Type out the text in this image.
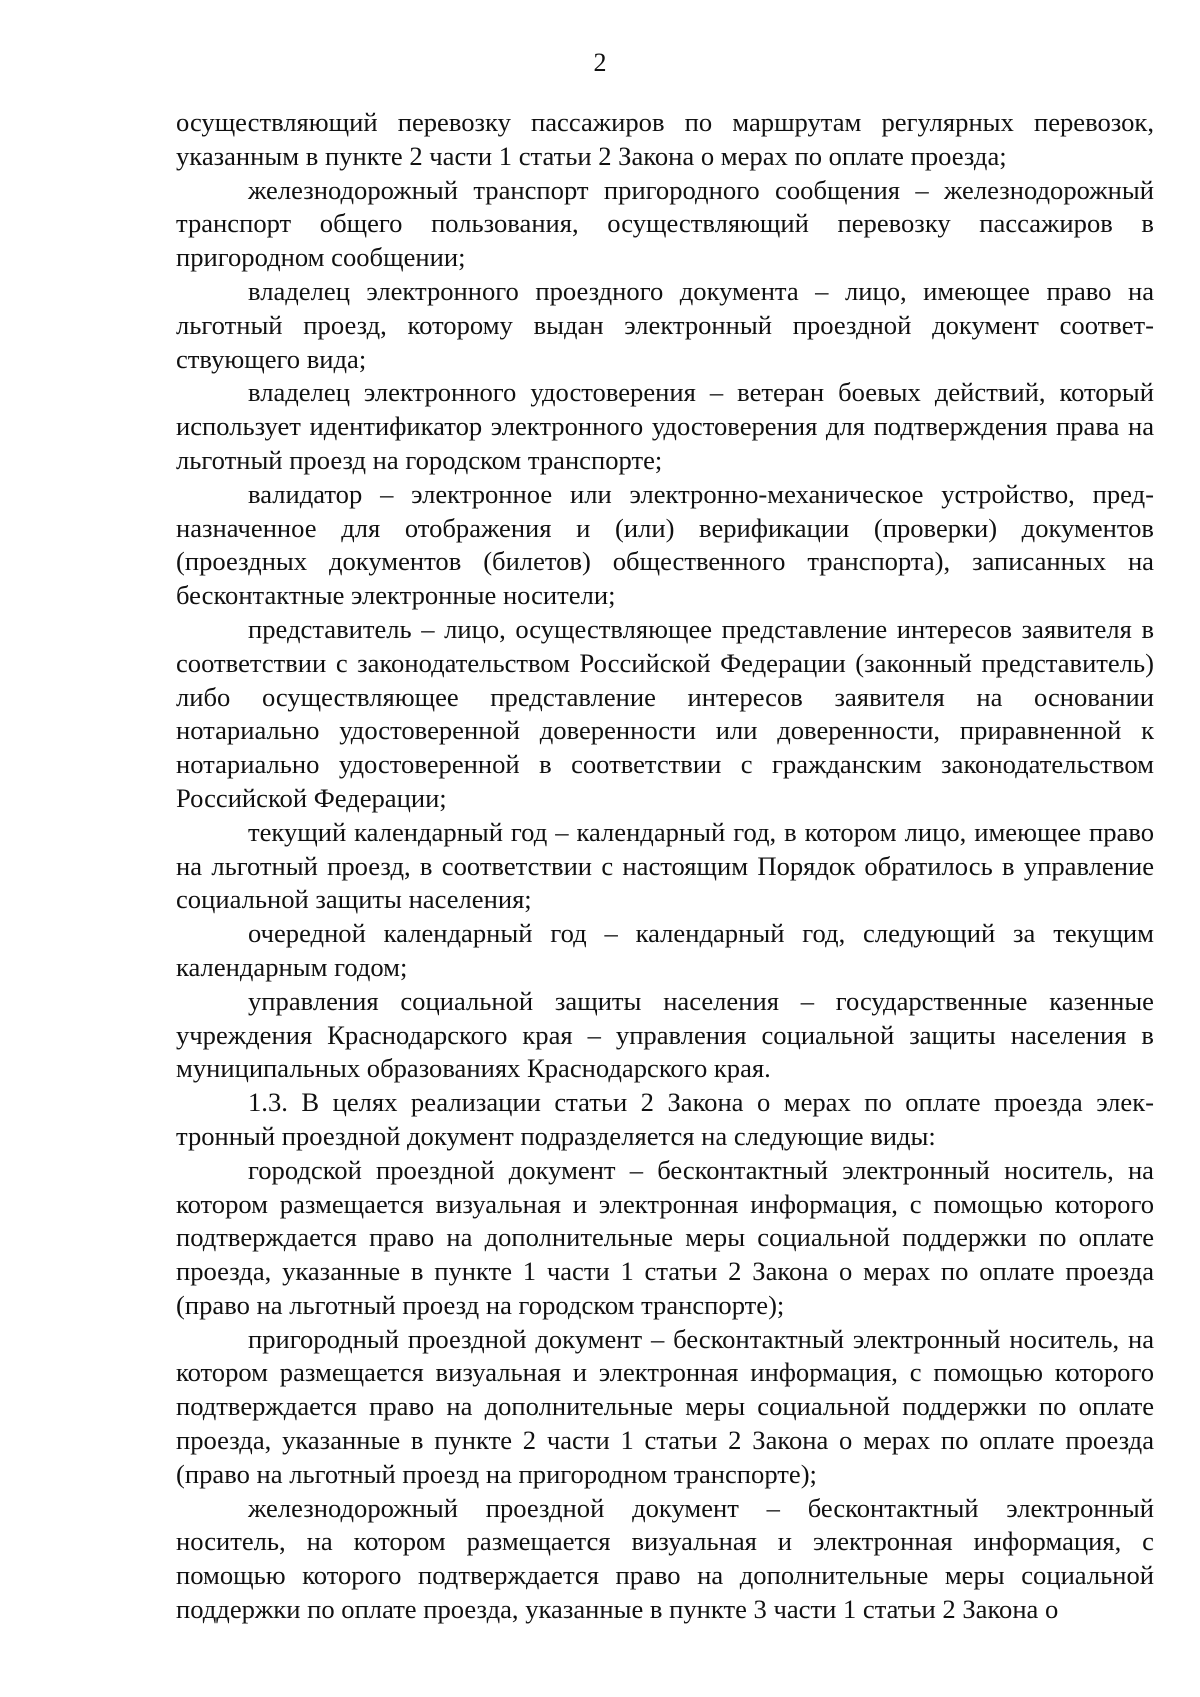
2

осуществляющий перевозку пассажиров по маршрутам регулярных перевозок, указанным в пункте 2 части 1 статьи 2 Закона о мерах по оплате проезда;

железнодорожный транспорт пригородного сообщения – железнодорожный транспорт общего пользования, осуществляющий перевозку пассажиров в пригородном сообщении;

владелец электронного проездного документа – лицо, имеющее право на льготный проезд, которому выдан электронный проездной документ соответствующего вида;

владелец электронного удостоверения – ветеран боевых действий, который использует идентификатор электронного удостоверения для подтверждения права на льготный проезд на городском транспорте;

валидатор – электронное или электронно-механическое устройство, предназначенное для отображения и (или) верификации (проверки) документов (проездных документов (билетов) общественного транспорта), записанных на бесконтактные электронные носители;

представитель – лицо, осуществляющее представление интересов заявителя в соответствии с законодательством Российской Федерации (законный представитель) либо осуществляющее представление интересов заявителя на основании нотариально удостоверенной доверенности или доверенности, приравненной к нотариально удостоверенной в соответствии с гражданским законодательством Российской Федерации;

текущий календарный год – календарный год, в котором лицо, имеющее право на льготный проезд, в соответствии с настоящим Порядок обратилось в управление социальной защиты населения;

очередной календарный год – календарный год, следующий за текущим календарным годом;

управления социальной защиты населения – государственные казенные учреждения Краснодарского края – управления социальной защиты населения в муниципальных образованиях Краснодарского края.

1.3. В целях реализации статьи 2 Закона о мерах по оплате проезда электронный проездной документ подразделяется на следующие виды:

городской проездной документ – бесконтактный электронный носитель, на котором размещается визуальная и электронная информация, с помощью которого подтверждается право на дополнительные меры социальной поддержки по оплате проезда, указанные в пункте 1 части 1 статьи 2 Закона о мерах по оплате проезда (право на льготный проезд на городском транспорте);

пригородный проездной документ – бесконтактный электронный носитель, на котором размещается визуальная и электронная информация, с помощью которого подтверждается право на дополнительные меры социальной поддержки по оплате проезда, указанные в пункте 2 части 1 статьи 2 Закона о мерах по оплате проезда (право на льготный проезд на пригородном транспорте);

железнодорожный проездной документ – бесконтактный электронный носитель, на котором размещается визуальная и электронная информация, с помощью которого подтверждается право на дополнительные меры социальной поддержки по оплате проезда, указанные в пункте 3 части 1 статьи 2 Закона о
